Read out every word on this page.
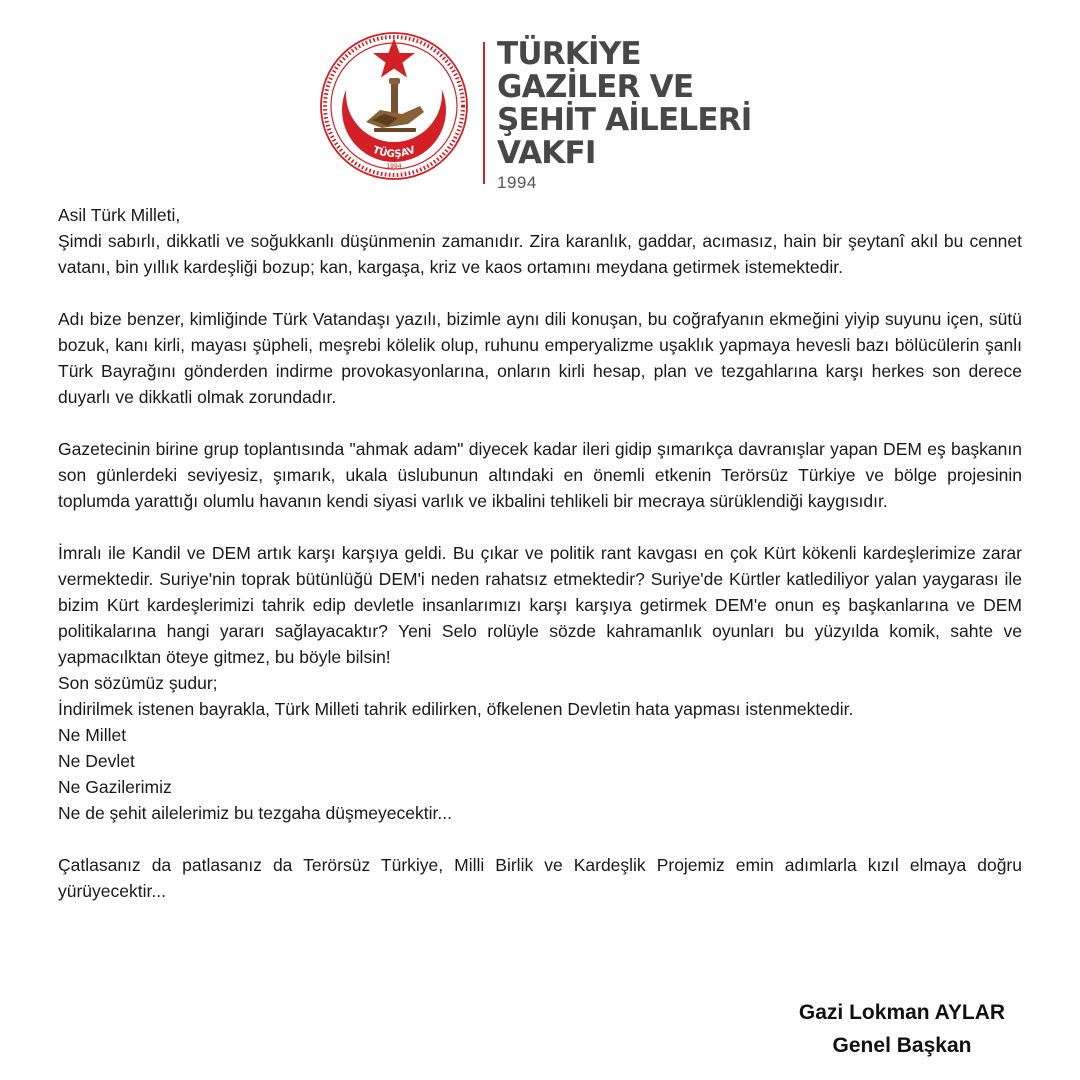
TÜGŞAV
1994
TÜRKİYE
GAZİLER VE
ŞEHİT AİLELERİ
VAKFI
1994

Asil Türk Milleti,

Şimdi sabırlı, dikkatli ve soğukkanlı düşünmenin zamanıdır. Zira karanlık, gaddar, acımasız, hain bir şeytanî akıl bu cennet vatanı, bin yıllık kardeşliği bozup; kan, kargaşa, kriz ve kaos ortamını meydana getirmek istemektedir.

Adı bize benzer, kimliğinde Türk Vatandaşı yazılı, bizimle aynı dili konuşan, bu coğrafyanın ekmeğini yiyip suyunu içen, sütü bozuk, kanı kirli, mayası şüpheli, meşrebi kölelik olup, ruhunu emperyalizme uşaklık yapmaya hevesli bazı bölücülerin şanlı Türk Bayrağını gönderden indirme provokasyonlarına, onların kirli hesap, plan ve tezgahlarına karşı herkes son derece duyarlı ve dikkatli olmak zorundadır.

Gazetecinin birine grup toplantısında "ahmak adam" diyecek kadar ileri gidip şımarıkça davranışlar yapan DEM eş başkanın son günlerdeki seviyesiz, şımarık, ukala üslubunun altındaki en önemli etkenin Terörsüz Türkiye ve bölge projesinin toplumda yarattığı olumlu havanın kendi siyasi varlık ve ikbalini tehlikeli bir mecraya sürüklendiği kaygısıdır.

İmralı ile Kandil ve DEM artık karşı karşıya geldi. Bu çıkar ve politik rant kavgası en çok Kürt kökenli kardeşlerimize zarar vermektedir. Suriye'nin toprak bütünlüğü DEM'i neden rahatsız etmektedir? Suriye'de Kürtler katlediliyor yalan yaygarası ile bizim Kürt kardeşlerimizi tahrik edip devletle insanlarımızı karşı karşıya getirmek DEM'e onun eş başkanlarına ve DEM politikalarına hangi yararı sağlayacaktır? Yeni Selo rolüyle sözde kahramanlık oyunları bu yüzyılda komik, sahte ve yapmacılktan öteye gitmez, bu böyle bilsin!

Son sözümüz şudur;

İndirilmek istenen bayrakla, Türk Milleti tahrik edilirken, öfkelenen Devletin hata yapması istenmektedir.

Ne Millet

Ne Devlet

Ne Gazilerimiz

Ne de şehit ailelerimiz bu tezgaha düşmeyecektir...

Çatlasanız da patlasanız da Terörsüz Türkiye, Milli Birlik ve Kardeşlik Projemiz emin adımlarla kızıl elmaya doğru yürüyecektir...

Gazi Lokman AYLAR
Genel Başkan
